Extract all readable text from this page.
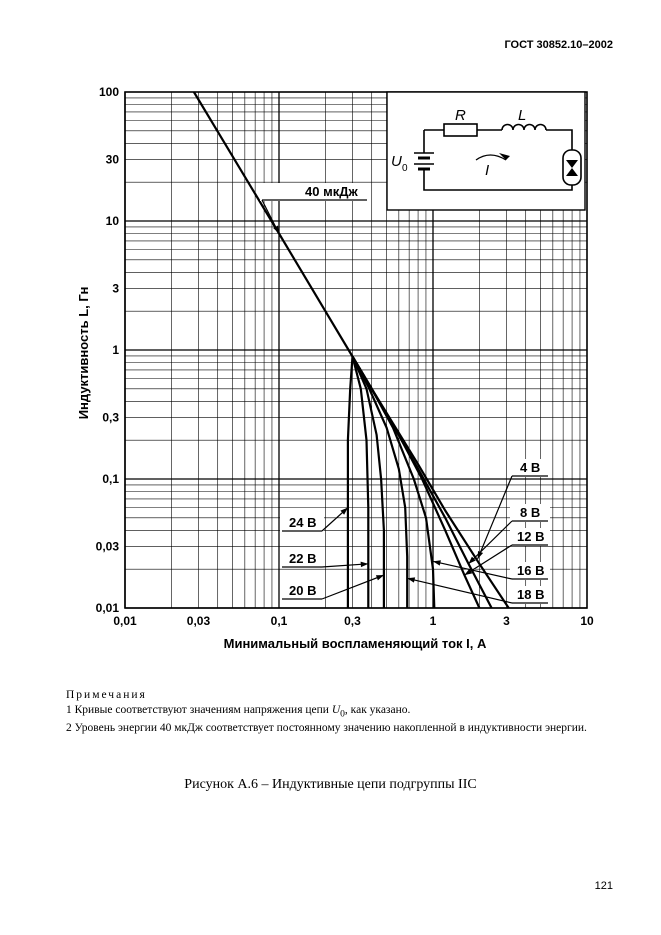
ГОСТ 30852.10–2002
0,01	0,03	0,1	0,3	1	3	10
0,01
0,03
0,1
0,3
1
3
10
30
100
40 мкДж
4 В
8 В
12 В
16 В
18 В
20 В
22 В
24 В
R	L
U 0	I
Минимальный воспламеняющий ток I, А
Индуктивность L, Гн
Примечания

1 Кривые соответствуют значениям напряжения цепи $U_0$, как указано.

2 Уровень энергии 40 мкДж соответствует постоянному значению накопленной в индуктивности энергии.

Рисунок А.6 – Индуктивные цепи подгруппы IIC
121
